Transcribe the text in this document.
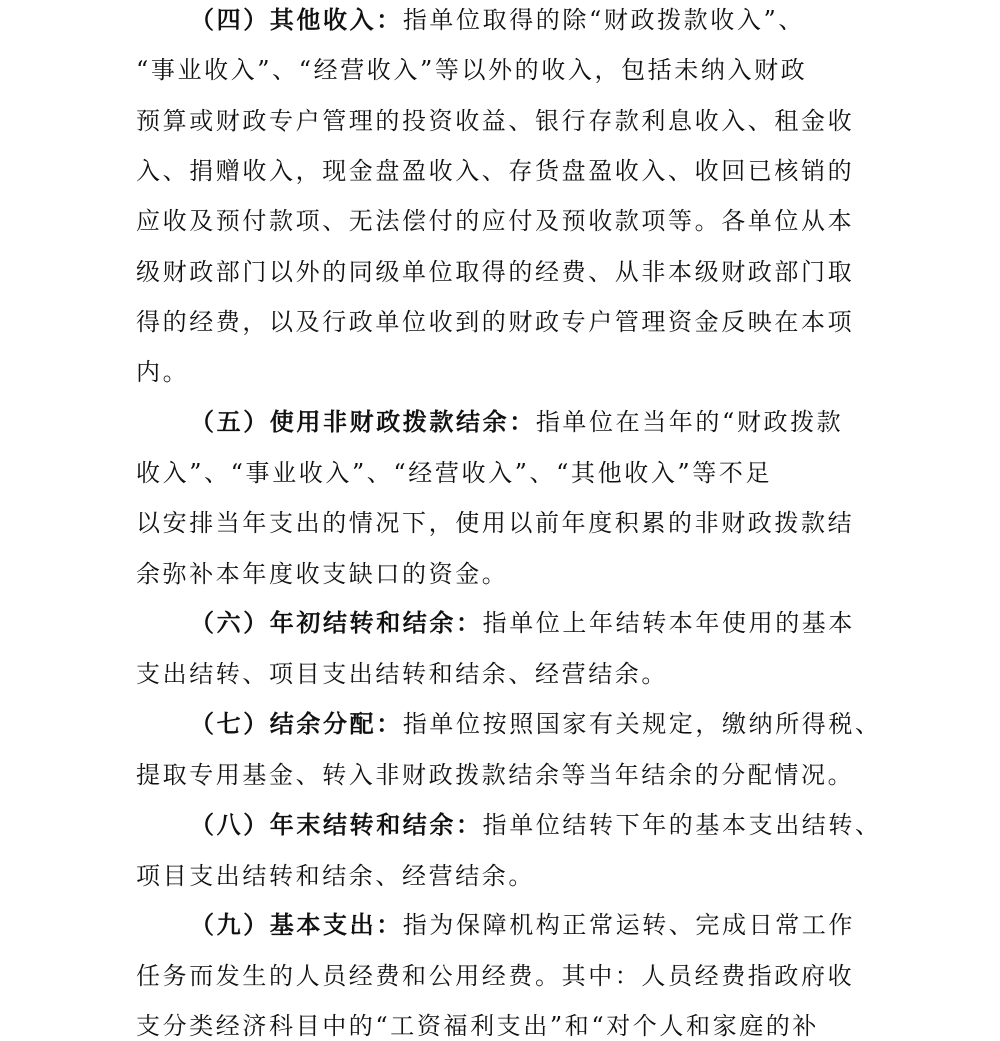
（四）其他收入：指单位取得的除“财政拨款收入”、
“事业收入”、“经营收入”等以外的收入，包括未纳入财政
预算或财政专户管理的投资收益、银行存款利息收入、租金收
入、捐赠收入，现金盘盈收入、存货盘盈收入、收回已核销的
应收及预付款项、无法偿付的应付及预收款项等。各单位从本
级财政部门以外的同级单位取得的经费、从非本级财政部门取
得的经费，以及行政单位收到的财政专户管理资金反映在本项
内。
（五）使用非财政拨款结余：指单位在当年的“财政拨款
收入”、“事业收入”、“经营收入”、“其他收入”等不足
以安排当年支出的情况下，使用以前年度积累的非财政拨款结
余弥补本年度收支缺口的资金。
（六）年初结转和结余：指单位上年结转本年使用的基本
支出结转、项目支出结转和结余、经营结余。
（七）结余分配：指单位按照国家有关规定，缴纳所得税、
提取专用基金、转入非财政拨款结余等当年结余的分配情况。
（八）年末结转和结余：指单位结转下年的基本支出结转、
项目支出结转和结余、经营结余。
（九）基本支出：指为保障机构正常运转、完成日常工作
任务而发生的人员经费和公用经费。其中：人员经费指政府收
支分类经济科目中的“工资福利支出”和“对个人和家庭的补
